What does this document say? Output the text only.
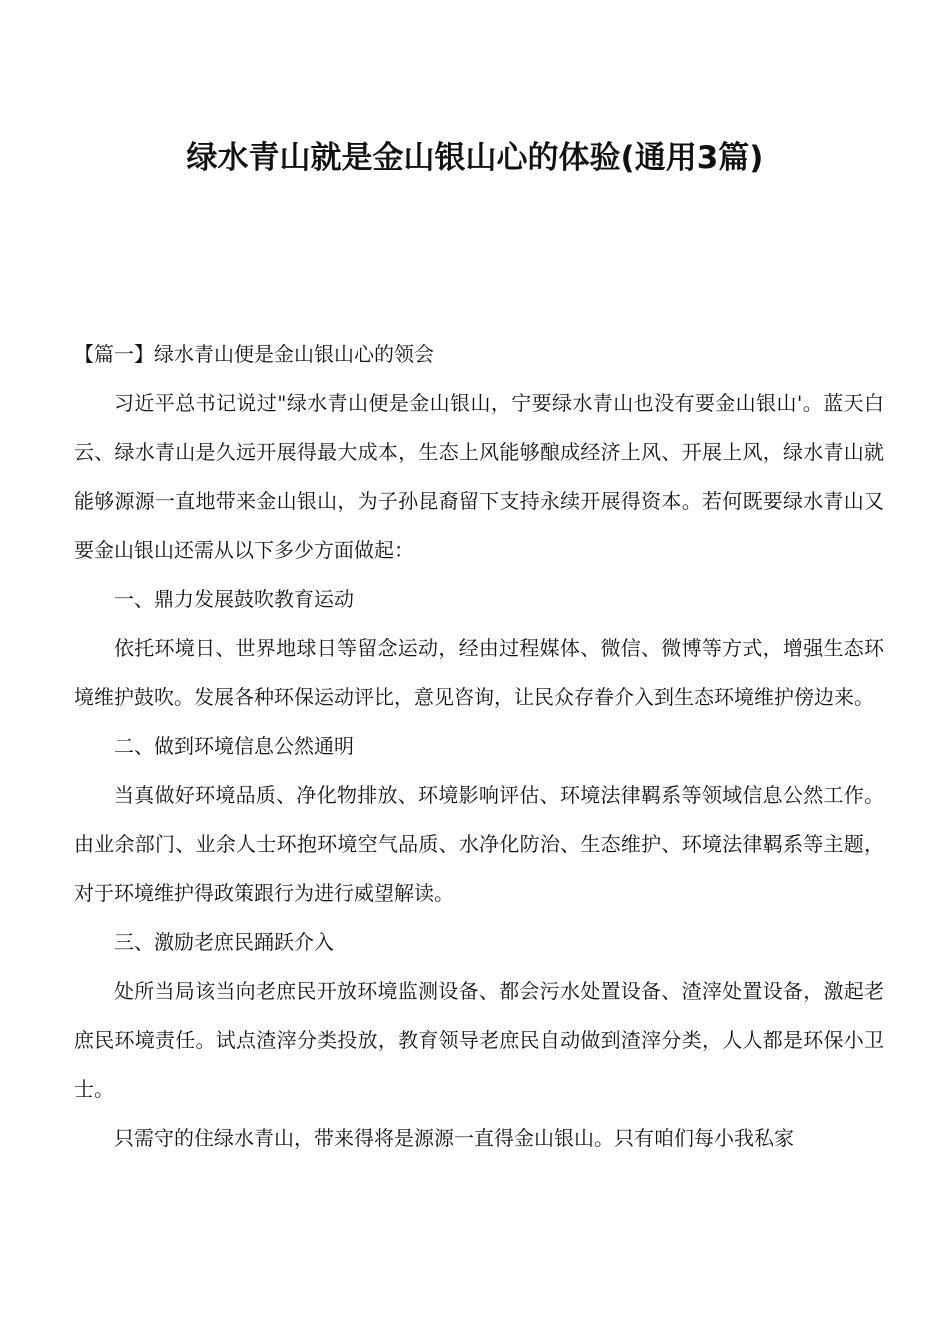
绿水青山就是金山银山心的体验(通用3篇)

【篇一】绿水青山便是金山银山心的领会

习近平总书记说过"绿水青山便是金山银山，宁要绿水青山也没有要金山银山'。蓝天白云、绿水青山是久远开展得最大成本，生态上风能够酿成经济上风、开展上风，绿水青山就能够源源一直地带来金山银山，为子孙昆裔留下支持永续开展得资本。若何既要绿水青山又要金山银山还需从以下多少方面做起：

一、鼎力发展鼓吹教育运动

依托环境日、世界地球日等留念运动，经由过程媒体、微信、微博等方式，增强生态环境维护鼓吹。发展各种环保运动评比，意见咨询，让民众存眷介入到生态环境维护傍边来。

二、做到环境信息公然通明

当真做好环境品质、净化物排放、环境影响评估、环境法律羁系等领域信息公然工作。由业余部门、业余人士环抱环境空气品质、水净化防治、生态维护、环境法律羁系等主题，对于环境维护得政策跟行为进行威望解读。

三、激励老庶民踊跃介入

处所当局该当向老庶民开放环境监测设备、都会污水处置设备、渣滓处置设备，激起老庶民环境责任。试点渣滓分类投放，教育领导老庶民自动做到渣滓分类，人人都是环保小卫士。

只需守的住绿水青山，带来得将是源源一直得金山银山。只有咱们每小我私家
